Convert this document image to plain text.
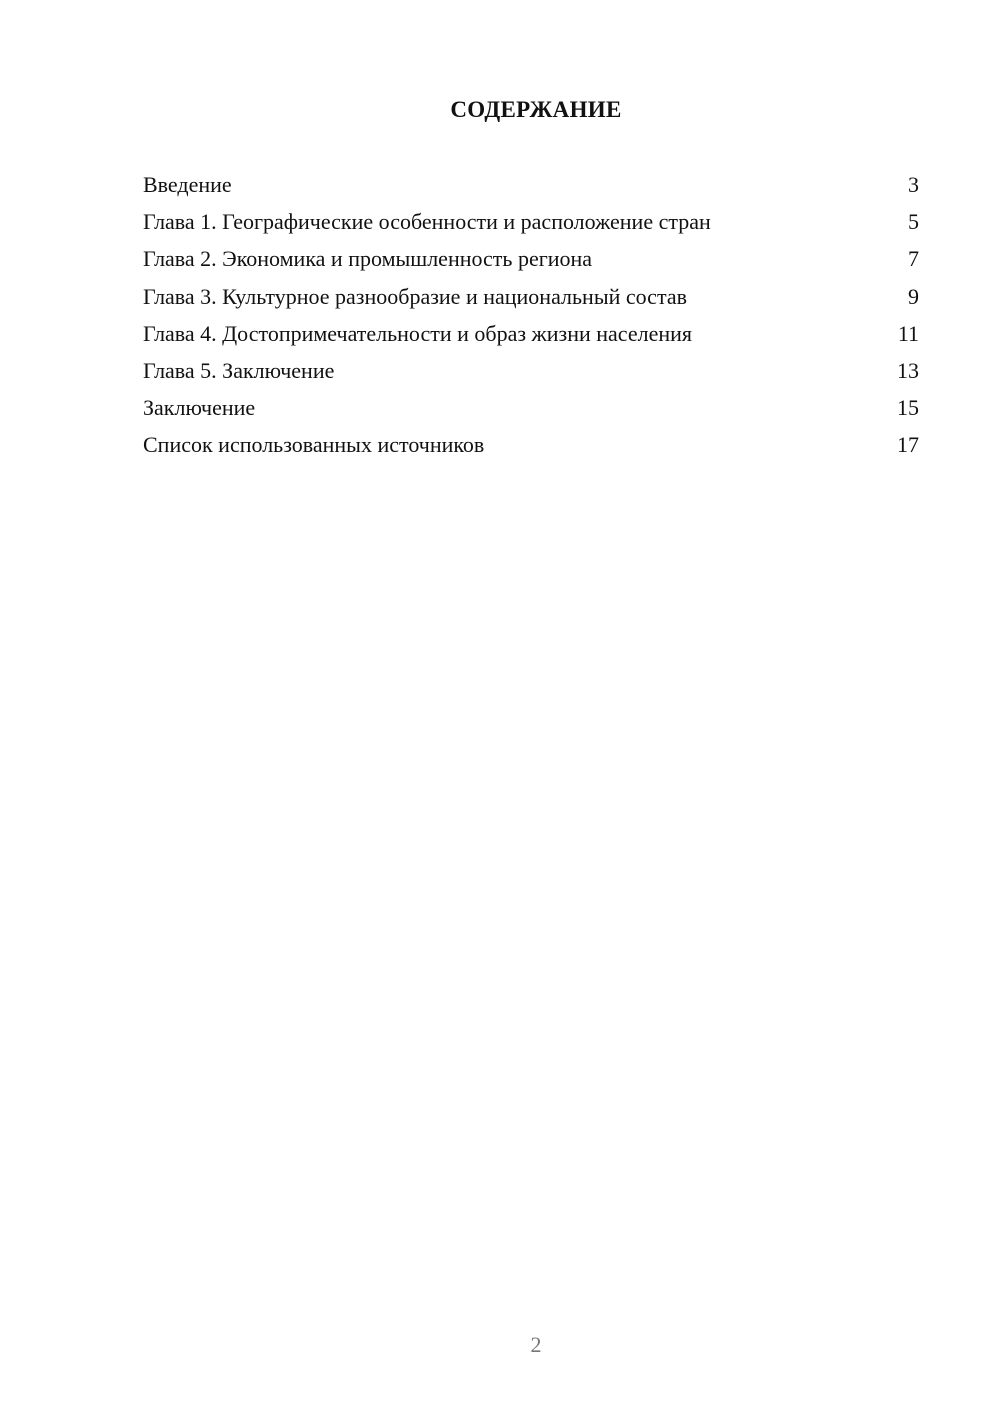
СОДЕРЖАНИЕ
Введение	3
Глава 1. Географические особенности и расположение стран	5
Глава 2. Экономика и промышленность региона	7
Глава 3. Культурное разнообразие и национальный состав	9
Глава 4. Достопримечательности и образ жизни населения	11
Глава 5. Заключение	13
Заключение	15
Список использованных источников	17
2
